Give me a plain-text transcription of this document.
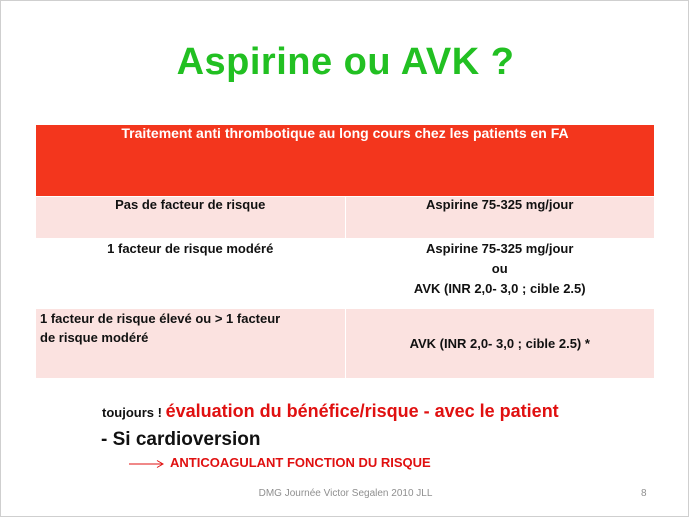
Aspirine ou AVK ?
Traitement anti thrombotique au long cours chez les patients en FA	
Pas de facteur de risque	Aspirine 75-325 mg/jour
1 facteur de risque modéré	Aspirine 75-325 mg/jour
ou
AVK (INR 2,0- 3,0 ; cible 2.5)

1 facteur de risque élevé ou > 1 facteur
de risque modéré	AVK (INR 2,0- 3,0 ; cible 2.5) *
toujours ! évaluation du bénéfice/risque - avec le patient
- Si cardioversion
ANTICOAGULANT FONCTION DU RISQUE
DMG Journée Victor Segalen 2010 JLL	8
